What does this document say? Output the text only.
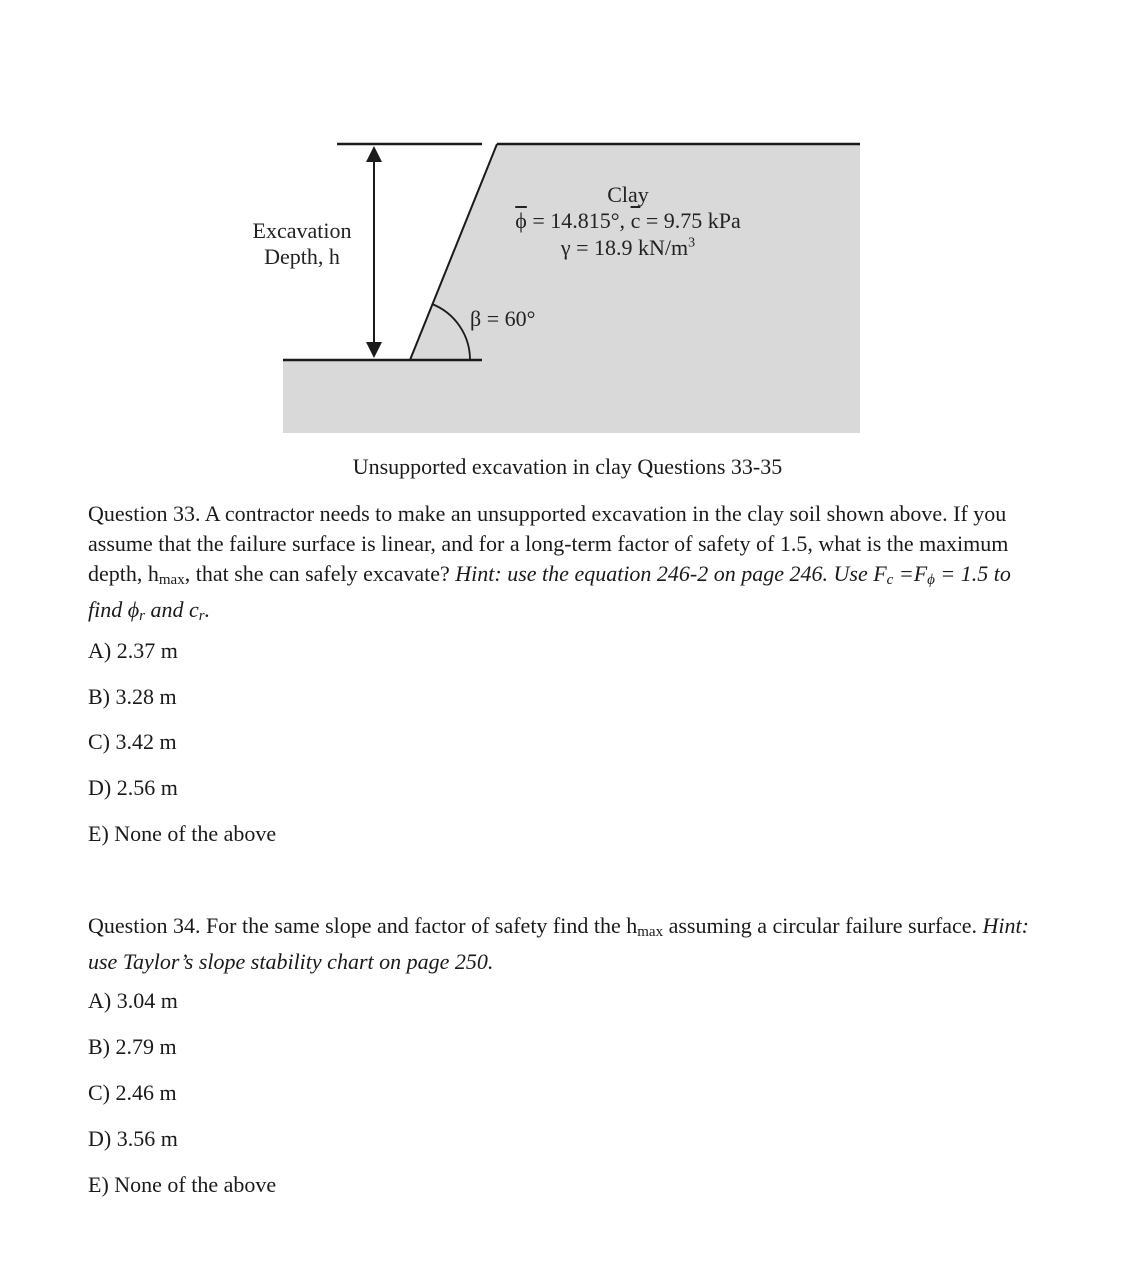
Excavation
Depth, h
Clay
$\overline{\phi} = 14.815^\circ$, $\overline{c} = 9.75$ kPa
γ = 18.9 $kN/m^3$
β = 60°
Unsupported excavation in clay Questions 33-35
Question 33. A contractor needs to make an unsupported excavation in the clay soil shown above. If you assume that the failure surface is linear, and for a long-term factor of safety of 1.5, what is the maximum depth, $h_{max}$, that she can safely excavate? Hint: use the equation 246-2 on page 246. Use $F_c =F_\phi = 1.5$ to find $\phi_r$ and $c_r$.
A) 2.37 m
B) 3.28 m
C) 3.42 m
D) 2.56 m
E) None of the above
Question 34. For the same slope and factor of safety find the $h_{max}$ assuming a circular failure surface. Hint: use Taylor’s slope stability chart on page 250.
A) 3.04 m
B) 2.79 m
C) 2.46 m
D) 3.56 m
E) None of the above
